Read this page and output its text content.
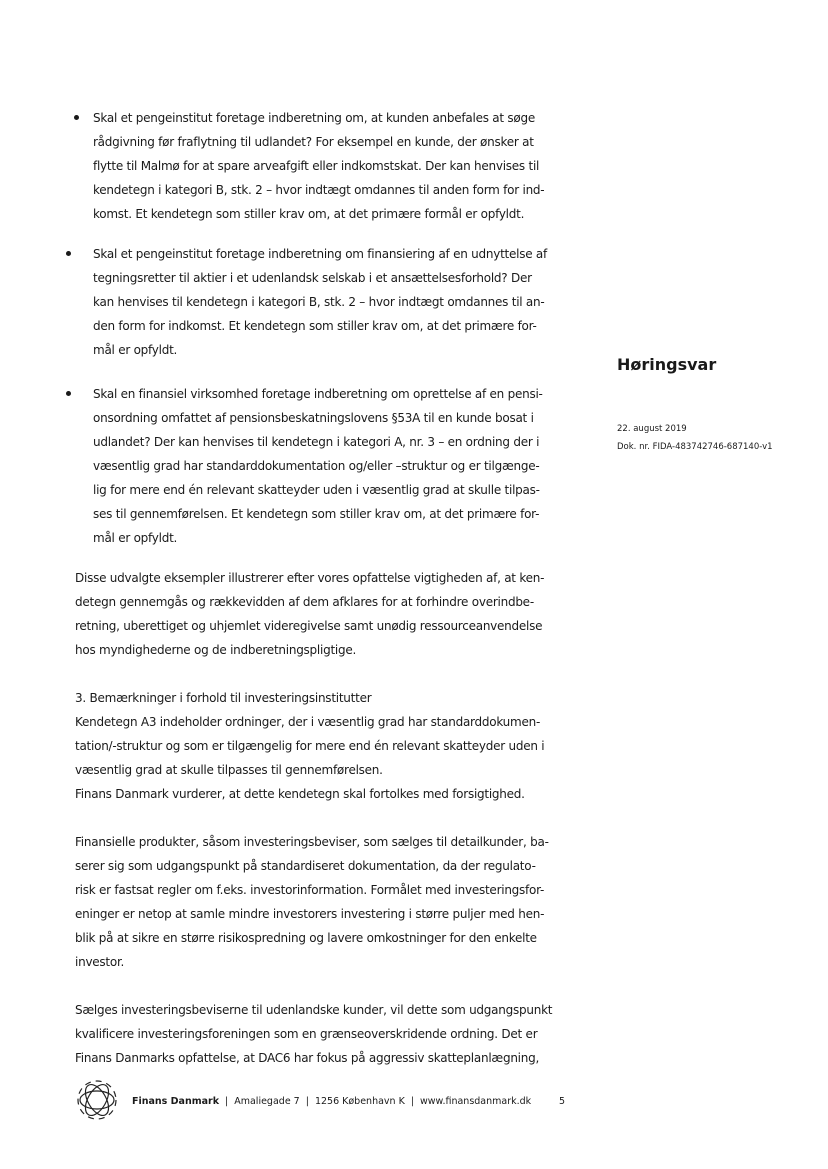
Høringsvar
22. august 2019
Dok. nr. FIDA-483742746-687140-v1
Skal et pengeinstitut foretage indberetning om, at kunden anbefales at søge
rådgivning før fraflytning til udlandet? For eksempel en kunde, der ønsker at
flytte til Malmø for at spare arveafgift eller indkomstskat. Der kan henvises til
kendetegn i kategori B, stk. 2 – hvor indtægt omdannes til anden form for ind-
komst. Et kendetegn som stiller krav om, at det primære formål er opfyldt.
Skal et pengeinstitut foretage indberetning om finansiering af en udnyttelse af
tegningsretter til aktier i et udenlandsk selskab i et ansættelsesforhold? Der
kan henvises til kendetegn i kategori B, stk. 2 – hvor indtægt omdannes til an-
den form for indkomst. Et kendetegn som stiller krav om, at det primære for-
mål er opfyldt.
Skal en finansiel virksomhed foretage indberetning om oprettelse af en pensi-
onsordning omfattet af pensionsbeskatningslovens §53A til en kunde bosat i
udlandet? Der kan henvises til kendetegn i kategori A, nr. 3 – en ordning der i
væsentlig grad har standarddokumentation og/eller –struktur og er tilgænge-
lig for mere end én relevant skatteyder uden i væsentlig grad at skulle tilpas-
ses til gennemførelsen. Et kendetegn som stiller krav om, at det primære for-
mål er opfyldt.
Disse udvalgte eksempler illustrerer efter vores opfattelse vigtigheden af, at ken-
detegn gennemgås og rækkevidden af dem afklares for at forhindre overindbe-
retning, uberettiget og uhjemlet videregivelse samt unødig ressourceanvendelse
hos myndighederne og de indberetningspligtige.
3. Bemærkninger i forhold til investeringsinstitutter
Kendetegn A3 indeholder ordninger, der i væsentlig grad har standarddokumen-
tation/-struktur og som er tilgængelig for mere end én relevant skatteyder uden i
væsentlig grad at skulle tilpasses til gennemførelsen.
Finans Danmark vurderer, at dette kendetegn skal fortolkes med forsigtighed.
Finansielle produkter, såsom investeringsbeviser, som sælges til detailkunder, ba-
serer sig som udgangspunkt på standardiseret dokumentation, da der regulato-
risk er fastsat regler om f.eks. investorinformation. Formålet med investeringsfor-
eninger er netop at samle mindre investorers investering i større puljer med hen-
blik på at sikre en større risikospredning og lavere omkostninger for den enkelte
investor.
Sælges investeringsbeviserne til udenlandske kunder, vil dette som udgangspunkt
kvalificere investeringsforeningen som en grænseoverskridende ordning. Det er
Finans Danmarks opfattelse, at DAC6 har fokus på aggressiv skatteplanlægning,
Finans Danmark | Amaliegade 7 | 1256 København K | www.finansdanmark.dk	5
